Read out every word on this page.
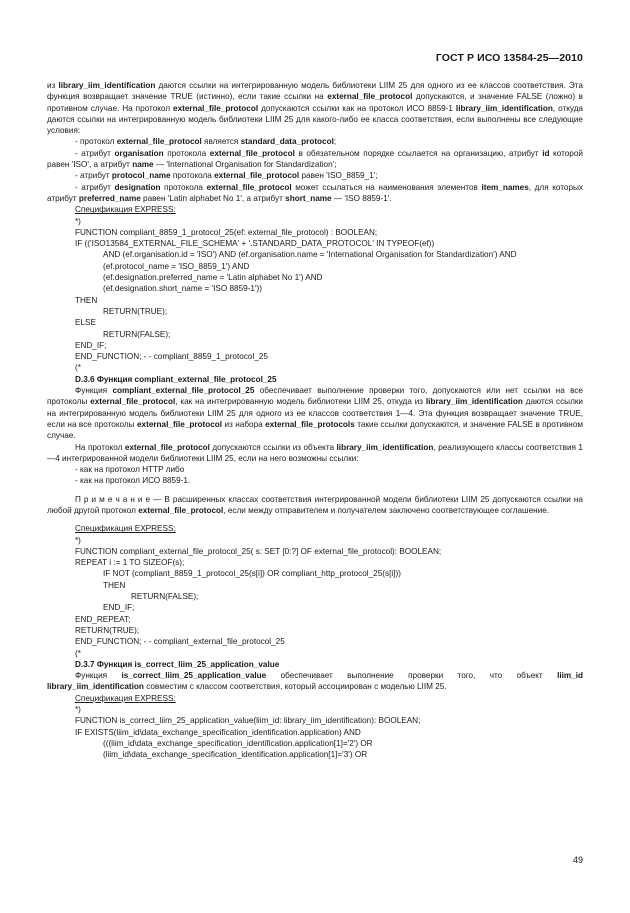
ГОСТ Р ИСО 13584-25—2010

из library_iim_identification даются ссылки на интегрированную модель библиотеки LIIM 25 для одного из ее классов соответствия. Эта функция возвращает значение TRUE (истинно), если такие ссылки на external_file_protocol допускаются, и значение FALSE (ложно) в противном случае. На протокол external_file_protocol допускаются ссылки как на протокол ИСО 8859-1 library_iim_identification, откуда даются ссылки на интегрированную модель библиотеки LIIM 25 для какого-либо ее класса соответствия, если выполнены все следующие условия:

- протокол external_file_protocol является standard_data_protocol;

- атрибут organisation протокола external_file_protocol в обязательном порядке ссылается на организацию, атрибут id которой равен 'ISO', а атрибут name — 'International Organisation for Standardization';

- атрибут protocol_name протокола external_file_protocol равен 'ISO_8859_1';

- атрибут designation протокола external_file_protocol может ссылаться на наименования элементов item_names, для которых атрибут preferred_name равен 'Latin alphabet No 1', а атрибут short_name — 'ISO 8859-1'.

Спецификация EXPRESS:

*)

FUNCTION compliant_8859_1_protocol_25(ef: external_file_protocol) : BOOLEAN;

IF (('ISO13584_EXTERNAL_FILE_SCHEMA' + '.STANDARD_DATA_PROTOCOL' IN TYPEOF(ef))

AND (ef.organisation.id = 'ISO') AND (ef.organisation.name = 'International Organisation for Standardization') AND (ef.protocol_name = 'ISO_8859_1') AND

(ef.designation.preferred_name = 'Latin alphabet No 1') AND

(ef.designation.short_name = 'ISO 8859-1'))

THEN

RETURN(TRUE);

ELSE

RETURN(FALSE);

END_IF;

END_FUNCTION; - - compliant_8859_1_protocol_25

(*

D.3.6 Функция compliant_external_file_protocol_25

Функция compliant_external_file_protocol_25 обеспечивает выполнение проверки того, допускаются или нет ссылки на все протоколы external_file_protocol, как на интегрированную модель библиотеки LIIM 25, откуда из library_iim_identification даются ссылки на интегрированную модель библиотеки LIIM 25 для одного из ее классов соответствия 1—4. Эта функция возвращает значение TRUE, если на все протоколы external_file_protocol из набора external_file_protocols такие ссылки допускаются, и значение FALSE в противном случае.

На протокол external_file_protocol допускаются ссылки из объекта library_iim_identification, реализующего классы соответствия 1—4 интегрированной модели библиотеки LIIM 25, если на него возможны ссылки:

- как на протокол HTTP либо

- как на протокол ИСО 8859-1.

П р и м е ч а н и е — В расширенных классах соответствия интегрированной модели библиотеки LIIM 25 допускаются ссылки на любой другой протокол external_file_protocol, если между отправителем и получателем заключено соответствующее соглашение.

Спецификация EXPRESS:

*)

FUNCTION compliant_external_file_protocol_25( s: SET [0:?] OF external_file_protocol): BOOLEAN;

REPEAT i := 1 TO SIZEOF(s);

IF NOT (compliant_8859_1_protocol_25(s[i]) OR compliant_http_protocol_25(s[i]))

THEN

RETURN(FALSE);

END_IF;

END_REPEAT;

RETURN(TRUE);

END_FUNCTION; - - compliant_external_file_protocol_25

(*

D.3.7 Функция is_correct_liim_25_application_value

Функция is_correct_liim_25_application_value обеспечивает выполнение проверки того, что объект liim_id library_iim_identification совместим с классом соответствия, который ассоциирован с моделью LIIM 25.

Спецификация EXPRESS:

*)

FUNCTION is_correct_liim_25_application_value(liim_id: library_iim_identification): BOOLEAN;

IF EXISTS(liim_id\data_exchange_specification_identification.application) AND

(((liim_id\data_exchange_specification_identification.application[1]='2') OR

(liim_id\data_exchange_specification_identification.application[1]='3') OR

49
